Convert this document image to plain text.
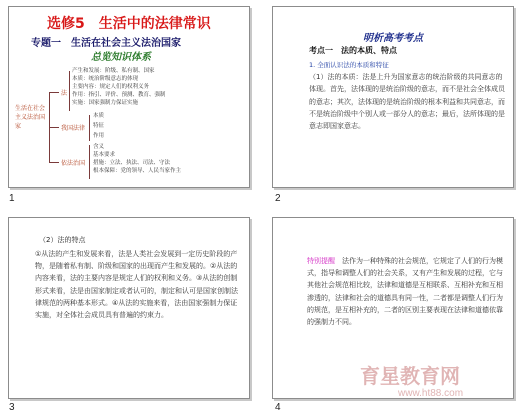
选修5　生活中的法律常识
专题一　生活在社会主义法治国家
总览知识体系
生活在社会主义法治国家
法
产生和发展：阶级、私有制、国家
本质：统治阶级意志的体现
主要内容：规定人们的权利义务
作用：指引、评价、预测、教育、强制
实施：国家强制力保证实施
我国法律
本质
特征
作用
依法治国
含义
基本要求
措施：立法、执法、司法、守法
根本保障：党的领导、人民当家作主
1
明析高考考点
考点一　法的本质、特点
1. 全面认识法的本质和特征
（1）法的本质：法是上升为国家意志的统治阶级的共同意志的体现。首先，法体现的是统治阶级的意志，而不是社会全体成员的意志；其次，法体现的是统治阶级的根本利益和共同意志，而不是统治阶级中个别人或一部分人的意志；最后，法所体现的是意志即国家意志。
2
（2）法的特点
①从法的产生和发展来看，法是人类社会发展到一定历史阶段的产物，是随着私有制、阶级和国家的出现而产生和发展的。②从法的内容来看，法的主要内容是规定人们的权利和义务。③从法的创制形式来看，法是由国家制定或者认可的，制定和认可是国家创制法律规范的两种基本形式。④从法的实施来看，法由国家强制力保证实施，对全体社会成员具有普遍的约束力。
3
特别提醒　 法作为一种特殊的社会规范，它规定了人们的行为模式，指导和调整人们的社会关系，又有产生和发展的过程，它与其他社会规范相比较，法律和道德是互相联系、互相补充和互相渗透的，法律和社会的道德具有同一性，二者都是调整人们行为的规范，是互相补充的，二者的区别主要表现在法律和道德依靠的强制力不同。
4
育星教育网
www.ht88.com
